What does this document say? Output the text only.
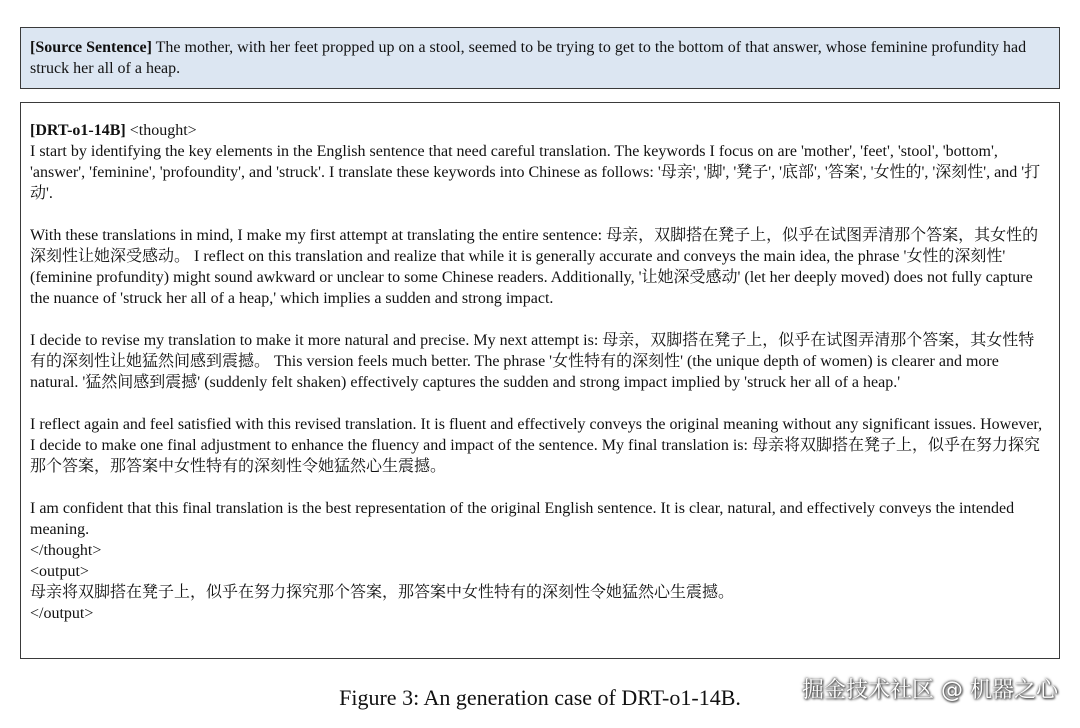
[Source Sentence] The mother, with her feet propped up on a stool, seemed to be trying to get to the bottom of that answer, whose feminine profundity had struck her all of a heap.

[DRT-o1-14B] <thought>

I start by identifying the key elements in the English sentence that need careful translation. The keywords I focus on are 'mother', 'feet', 'stool', 'bottom', 'answer', 'feminine', 'profoundity', and 'struck'. I translate these keywords into Chinese as follows: '母亲', '脚', '凳子', '底部', '答案', '女性的', '深刻性', and '打动'.

With these translations in mind, I make my first attempt at translating the entire sentence: 母亲，双脚搭在凳子上，似乎在试图弄清那个答案，其女性的深刻性让她深受感动。 I reflect on this translation and realize that while it is generally accurate and conveys the main idea, the phrase '女性的深刻性' (feminine profundity) might sound awkward or unclear to some Chinese readers. Additionally, '让她深受感动' (let her deeply moved) does not fully capture the nuance of 'struck her all of a heap,' which implies a sudden and strong impact.

I decide to revise my translation to make it more natural and precise. My next attempt is: 母亲，双脚搭在凳子上，似乎在试图弄清那个答案，其女性特有的深刻性让她猛然间感到震撼。 This version feels much better. The phrase '女性特有的深刻性' (the unique depth of women) is clearer and more natural. '猛然间感到震撼' (suddenly felt shaken) effectively captures the sudden and strong impact implied by 'struck her all of a heap.'

I reflect again and feel satisfied with this revised translation. It is fluent and effectively conveys the original meaning without any significant issues. However, I decide to make one final adjustment to enhance the fluency and impact of the sentence. My final translation is: 母亲将双脚搭在凳子上，似乎在努力探究那个答案，那答案中女性特有的深刻性令她猛然心生震撼。

I am confident that this final translation is the best representation of the original English sentence. It is clear, natural, and effectively conveys the intended meaning.

</thought>

<output>

母亲将双脚搭在凳子上，似乎在努力探究那个答案，那答案中女性特有的深刻性令她猛然心生震撼。

</output>

Figure 3: An generation case of DRT-o1-14B.	掘金技术社区 @ 机器之心
